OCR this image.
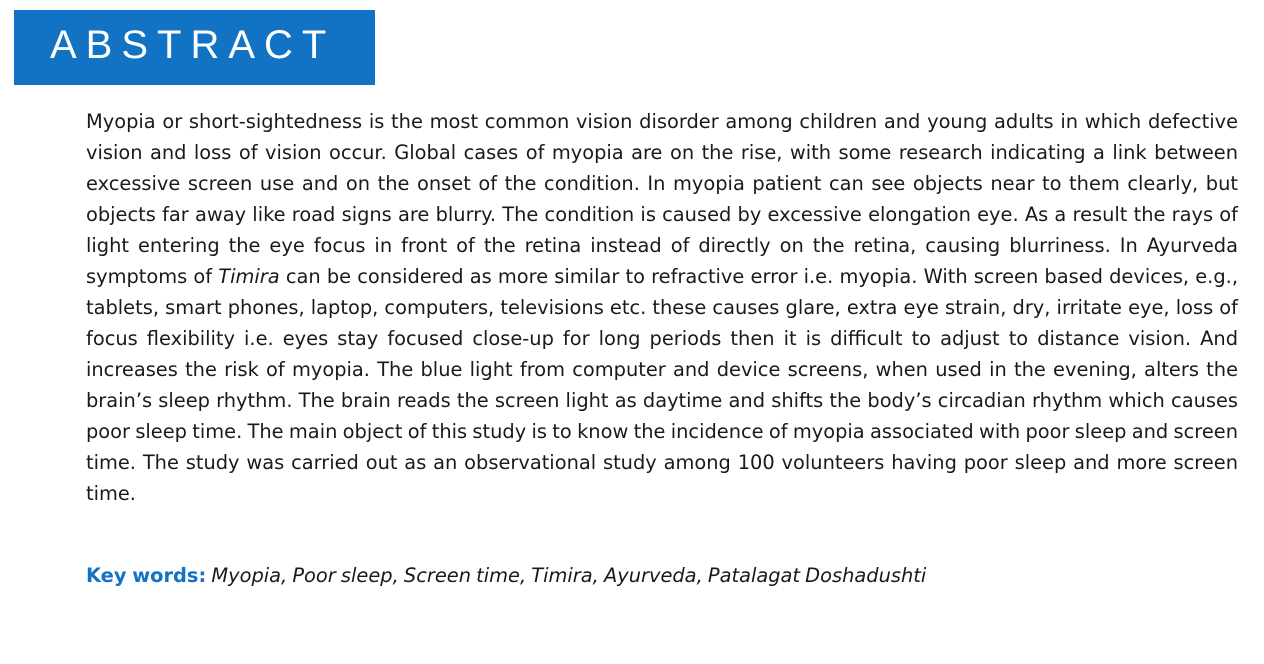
ABSTRACT

Myopia or short-sightedness is the most common vision disorder among children and young adults in which defective vision and loss of vision occur. Global cases of myopia are on the rise, with some research indicating a link between excessive screen use and on the onset of the condition. In myopia patient can see objects near to them clearly, but objects far away like road signs are blurry. The condition is caused by excessive elongation eye. As a result the rays of light entering the eye focus in front of the retina instead of directly on the retina, causing blurriness. In Ayurveda symptoms of Timira can be considered as more similar to refractive error i.e. myopia. With screen based devices, e.g., tablets, smart phones, laptop, computers, televisions etc. these causes glare, extra eye strain, dry, irritate eye, loss of focus flexibility i.e. eyes stay focused close-up for long periods then it is difficult to adjust to distance vision. And increases the risk of myopia. The blue light from computer and device screens, when used in the evening, alters the brain’s sleep rhythm. The brain reads the screen light as daytime and shifts the body’s circadian rhythm which causes poor sleep time. The main object of this study is to know the incidence of myopia associated with poor sleep and screen time. The study was carried out as an observational study among 100 volunteers having poor sleep and more screen time.

Key words: Myopia, Poor sleep, Screen time, Timira, Ayurveda, Patalagat Doshadushti
